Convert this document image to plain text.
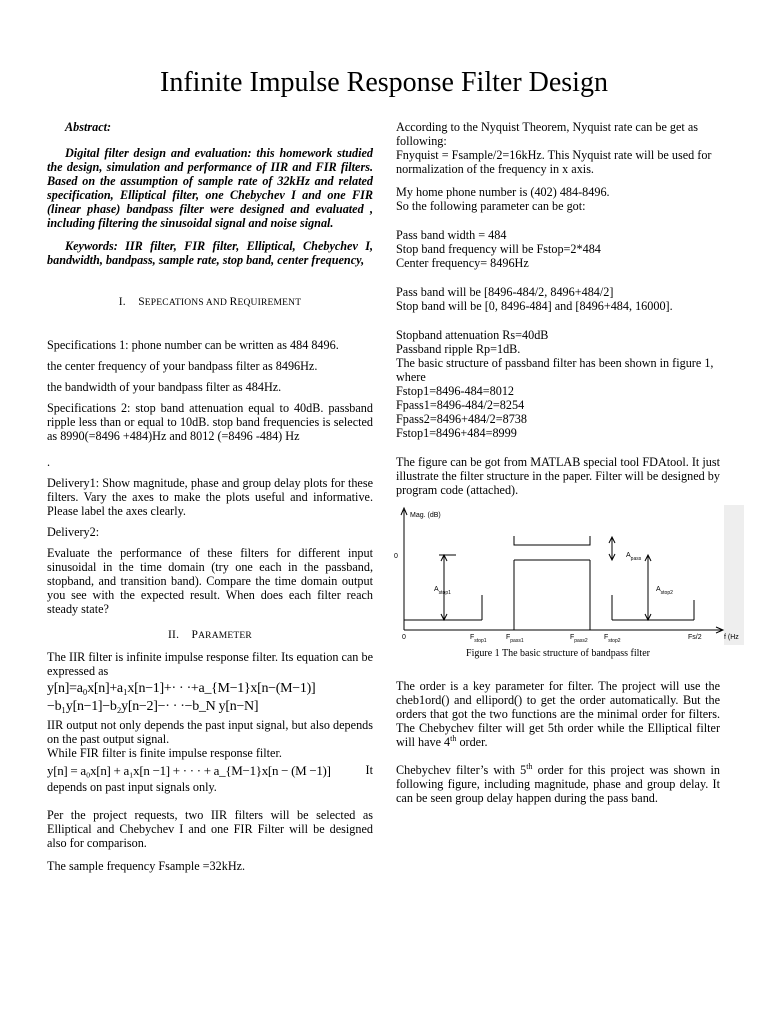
Infinite Impulse Response Filter Design

Abstract:

Digital filter design and evaluation: this homework studied the design, simulation and performance of IIR and FIR filters. Based on the assumption of sample rate of 32kHz and related specification, Elliptical filter, one Chebychev I and one FIR (linear phase) bandpass filter were designed and evaluated , including filtering the sinusoidal signal and noise signal.

Keywords: IIR filter, FIR filter, Elliptical, Chebychev I, bandwidth, bandpass, sample rate, stop band, center frequency,

I. SEPECATIONS AND REQUIREMENT

Specifications 1: phone number can be written as 484 8496.

the center frequency of your bandpass filter as 8496Hz.

the bandwidth of your bandpass filter as 484Hz.

Specifications 2: stop band attenuation equal to 40dB. passband ripple less than or equal to 10dB. stop band frequencies is selected as 8990(=8496 +484)Hz and 8012 (=8496 -484) Hz

.

Delivery1: Show magnitude, phase and group delay plots for these filters. Vary the axes to make the plots useful and informative. Please label the axes clearly.

Delivery2:

Evaluate the performance of these filters for different input sinusoidal in the time domain (try one each in the passband, stopband, and transition band). Compare the time domain output you see with the expected result. When does each filter reach steady state?

II. PARAMETER

The IIR filter is infinite impulse response filter. Its equation can be expressed as

y[n]=a₀x[n]+a₁x[n−1]+· · ·+a_{M−1}x[n−(M−1)]

−b₁y[n−1]−b₂y[n−2]−· · ·−b_N y[n−N]

IIR output not only depends the past input signal, but also depends on the past output signal.

While FIR filter is finite impulse response filter.

y[n] = a₀x[n] + a₁x[n −1] + · · · + a_{M−1}x[n − (M −1)]	It

depends on past input signals only.

Per the project requests, two IIR filters will be selected as Elliptical and Chebychev I and one FIR Filter will be designed also for comparison.

The sample frequency Fsample =32kHz.

According to the Nyquist Theorem, Nyquist rate can be get as following:

Fnyquist = Fsample/2=16kHz. This Nyquist rate will be used for normalization of the frequency in x axis.

My home phone number is (402) 484-8496.

So the following parameter can be got:

Pass band width = 484

Stop band frequency will be Fstop=2*484

Center frequency= 8496Hz

Pass band will be [8496-484/2, 8496+484/2]

Stop band will be [0, 8496-484] and [8496+484, 16000].

Stopband attenuation Rs=40dB

Passband ripple Rp=1dB.

The basic structure of passband filter has been shown in figure 1, where

Fstop1=8496-484=8012

Fpass1=8496-484/2=8254

Fpass2=8496+484/2=8738

Fstop1=8496+484=8999

The figure can be got from MATLAB special tool FDAtool. It just illustrate the filter structure in the paper. Filter will be designed by program code (attached).

Mag. (dB)
0
$A_{stop1}$
$A_{pass}$
$A_{stop2}$
0	$F_{stop1}$	$F_{pass1}$	$F_{pass2}$ $F_{stop2}$	Fs/2	f (Hz

Figure 1 The basic structure of bandpass filter

The order is a key parameter for filter. The project will use the cheb1ord() and ellipord() to get the order automatically. But the orders that got the two functions are the minimal order for filters. The Chebychev filter will get 5th order while the Elliptical filter will have 4th order.

Chebychev filter’s with 5th order for this project was shown in following figure, including magnitude, phase and group delay. It can be seen group delay happen during the pass band.
